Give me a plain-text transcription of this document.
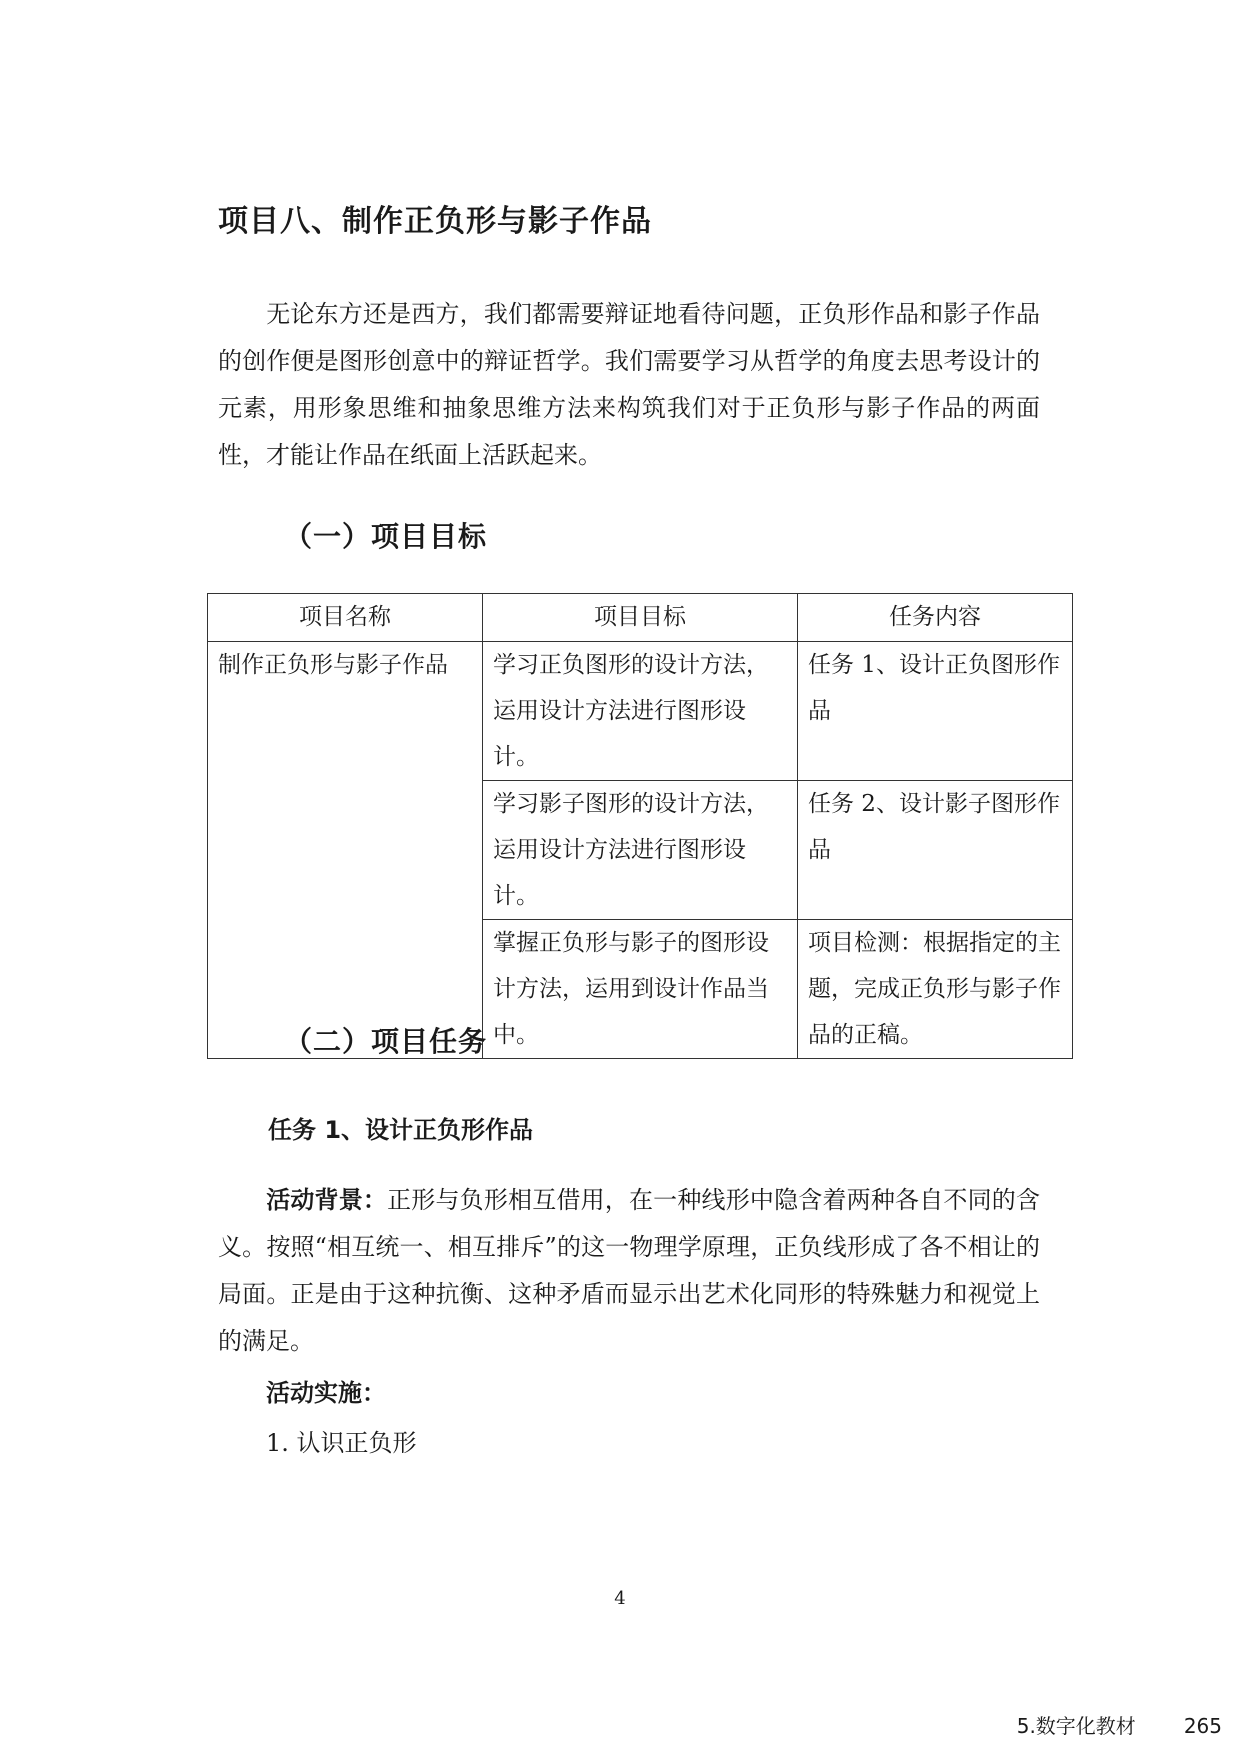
项目八、制作正负形与影子作品

无论东方还是西方，我们都需要辩证地看待问题，正负形作品和影子作品的创作便是图形创意中的辩证哲学。我们需要学习从哲学的角度去思考设计的元素，用形象思维和抽象思维方法来构筑我们对于正负形与影子作品的两面性，才能让作品在纸面上活跃起来。

（一）项目目标
项目名称	项目目标	任务内容
制作正负形与影子作品	学习正负图形的设计方法，运用设计方法进行图形设计。	任务 1、设计正负图形作品
	学习影子图形的设计方法，运用设计方法进行图形设计。	任务 2、设计影子图形作品
	掌握正负形与影子的图形设计方法，运用到设计作品当中。	项目检测：根据指定的主题，完成正负形与影子作品的正稿。
（二）项目任务
任务 1、设计正负形作品

活动背景：正形与负形相互借用，在一种线形中隐含着两种各自不同的含义。按照“相互统一、相互排斥”的这一物理学原理，正负线形成了各不相让的局面。正是由于这种抗衡、这种矛盾而显示出艺术化同形的特殊魅力和视觉上的满足。

活动实施：
1. 认识正负形
4
5.数字化教材 265
